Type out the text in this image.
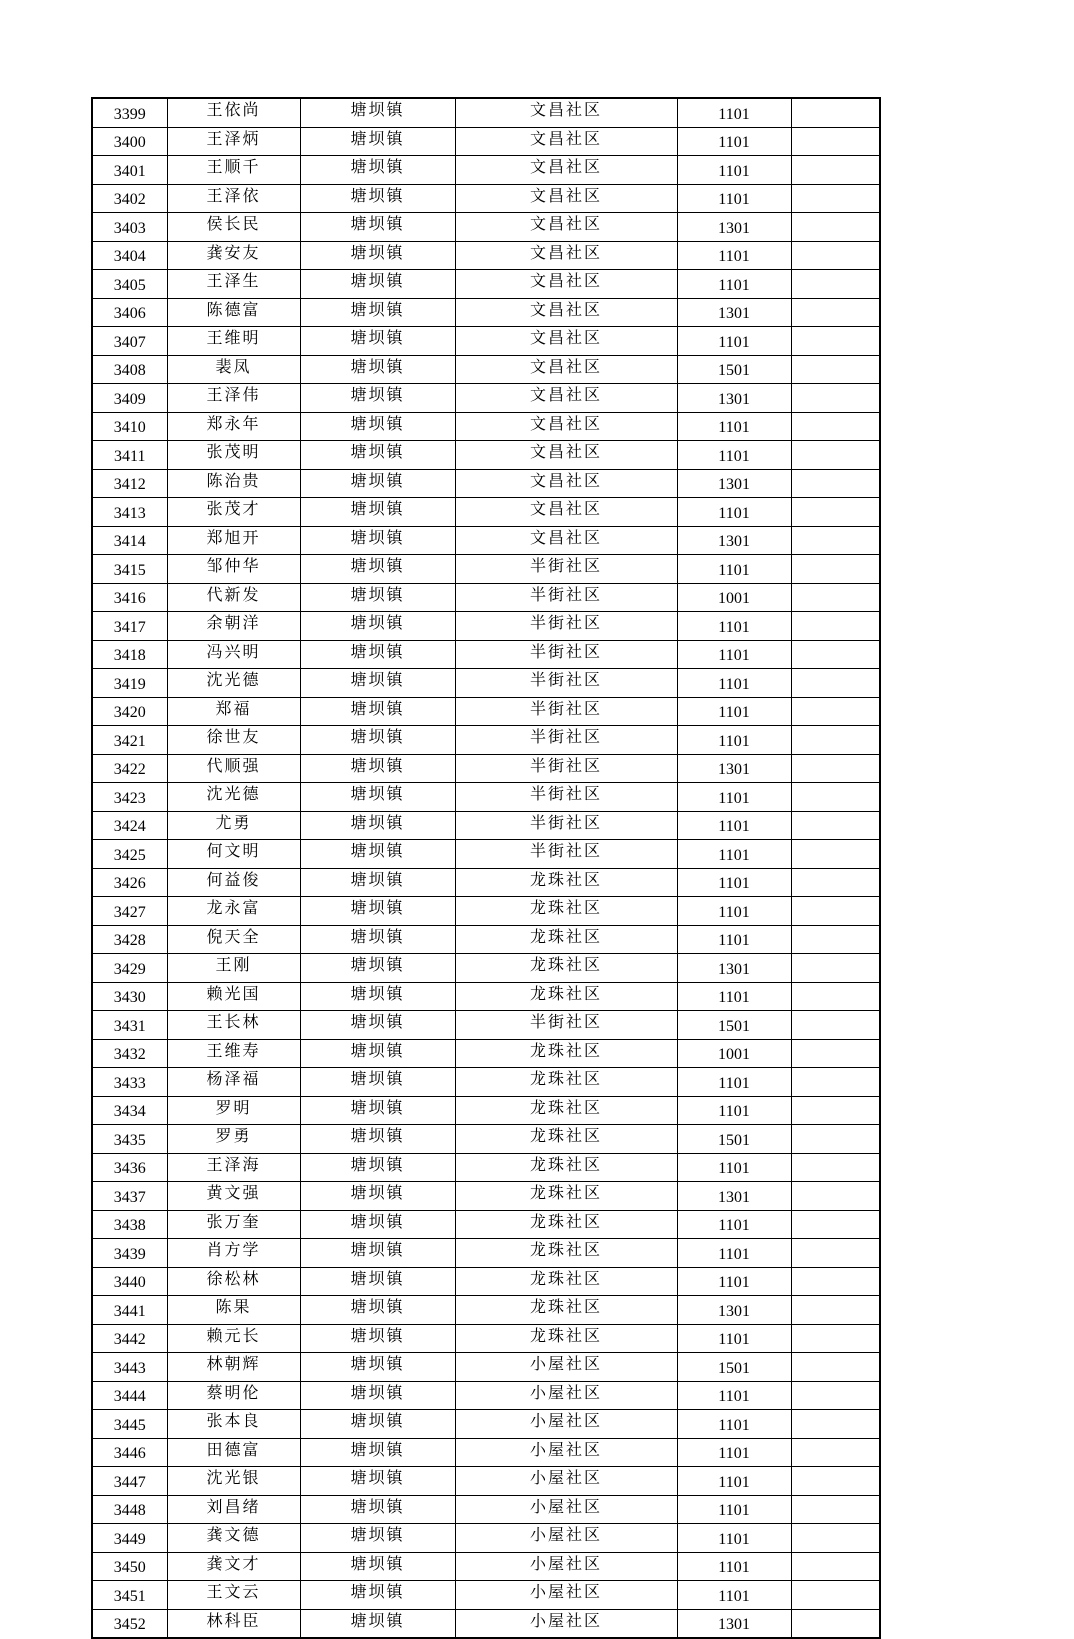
3399	王依尚	塘坝镇	文昌社区	1101	
3400	王泽炳	塘坝镇	文昌社区	1101	
3401	王顺千	塘坝镇	文昌社区	1101	
3402	王泽依	塘坝镇	文昌社区	1101	
3403	侯长民	塘坝镇	文昌社区	1301	
3404	龚安友	塘坝镇	文昌社区	1101	
3405	王泽生	塘坝镇	文昌社区	1101	
3406	陈德富	塘坝镇	文昌社区	1301	
3407	王维明	塘坝镇	文昌社区	1101	
3408	裴凤	塘坝镇	文昌社区	1501	
3409	王泽伟	塘坝镇	文昌社区	1301	
3410	郑永年	塘坝镇	文昌社区	1101	
3411	张茂明	塘坝镇	文昌社区	1101	
3412	陈治贵	塘坝镇	文昌社区	1301	
3413	张茂才	塘坝镇	文昌社区	1101	
3414	郑旭开	塘坝镇	文昌社区	1301	
3415	邹仲华	塘坝镇	半街社区	1101	
3416	代新发	塘坝镇	半街社区	1001	
3417	余朝洋	塘坝镇	半街社区	1101	
3418	冯兴明	塘坝镇	半街社区	1101	
3419	沈光德	塘坝镇	半街社区	1101	
3420	郑福	塘坝镇	半街社区	1101	
3421	徐世友	塘坝镇	半街社区	1101	
3422	代顺强	塘坝镇	半街社区	1301	
3423	沈光德	塘坝镇	半街社区	1101	
3424	尤勇	塘坝镇	半街社区	1101	
3425	何文明	塘坝镇	半街社区	1101	
3426	何益俊	塘坝镇	龙珠社区	1101	
3427	龙永富	塘坝镇	龙珠社区	1101	
3428	倪天全	塘坝镇	龙珠社区	1101	
3429	王刚	塘坝镇	龙珠社区	1301	
3430	赖光国	塘坝镇	龙珠社区	1101	
3431	王长林	塘坝镇	半街社区	1501	
3432	王维寿	塘坝镇	龙珠社区	1001	
3433	杨泽福	塘坝镇	龙珠社区	1101	
3434	罗明	塘坝镇	龙珠社区	1101	
3435	罗勇	塘坝镇	龙珠社区	1501	
3436	王泽海	塘坝镇	龙珠社区	1101	
3437	黄文强	塘坝镇	龙珠社区	1301	
3438	张万奎	塘坝镇	龙珠社区	1101	
3439	肖方学	塘坝镇	龙珠社区	1101	
3440	徐松林	塘坝镇	龙珠社区	1101	
3441	陈果	塘坝镇	龙珠社区	1301	
3442	赖元长	塘坝镇	龙珠社区	1101	
3443	林朝辉	塘坝镇	小屋社区	1501	
3444	蔡明伦	塘坝镇	小屋社区	1101	
3445	张本良	塘坝镇	小屋社区	1101	
3446	田德富	塘坝镇	小屋社区	1101	
3447	沈光银	塘坝镇	小屋社区	1101	
3448	刘昌绪	塘坝镇	小屋社区	1101	
3449	龚文德	塘坝镇	小屋社区	1101	
3450	龚文才	塘坝镇	小屋社区	1101	
3451	王文云	塘坝镇	小屋社区	1101	
3452	林科臣	塘坝镇	小屋社区	1301	
